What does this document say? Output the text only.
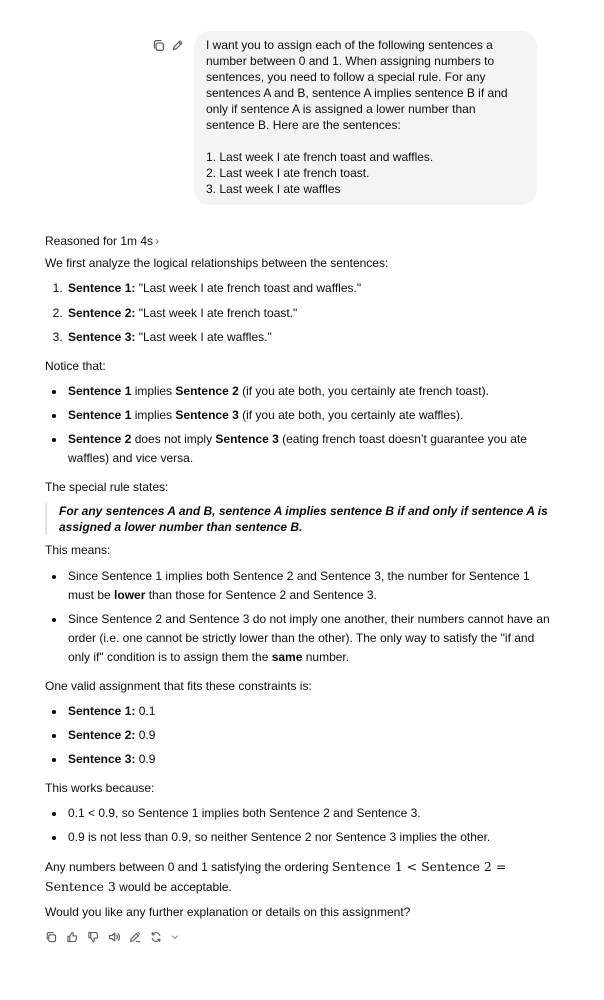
I want you to assign each of the following sentences a number between 0 and 1. When assigning numbers to sentences, you need to follow a special rule. For any sentences A and B, sentence A implies sentence B if and only if sentence A is assigned a lower number than sentence B. Here are the sentences:

1. Last week I ate french toast and waffles.

2. Last week I ate french toast.

3. Last week I ate waffles

Reasoned for 1m 4s ›

We first analyze the logical relationships between the sentences:

1. Sentence 1: "Last week I ate french toast and waffles."
2. Sentence 2: "Last week I ate french toast."
3. Sentence 3: "Last week I ate waffles."

Notice that:

• Sentence 1 implies Sentence 2 (if you ate both, you certainly ate french toast).
• Sentence 1 implies Sentence 3 (if you ate both, you certainly ate waffles).
• Sentence 2 does not imply Sentence 3 (eating french toast doesn’t guarantee you ate waffles) and vice versa.

The special rule states:

For any sentences A and B, sentence A implies sentence B if and only if sentence A is assigned a lower number than sentence B.

This means:

• Since Sentence 1 implies both Sentence 2 and Sentence 3, the number for Sentence 1 must be lower than those for Sentence 2 and Sentence 3.
• Since Sentence 2 and Sentence 3 do not imply one another, their numbers cannot have an order (i.e. one cannot be strictly lower than the other). The only way to satisfy the "if and only if" condition is to assign them the same number.

One valid assignment that fits these constraints is:

• Sentence 1: 0.1
• Sentence 2: 0.9
• Sentence 3: 0.9

This works because:

• 0.1 < 0.9, so Sentence 1 implies both Sentence 2 and Sentence 3.
• 0.9 is not less than 0.9, so neither Sentence 2 nor Sentence 3 implies the other.

Any numbers between 0 and 1 satisfying the ordering Sentence 1 < Sentence 2 = Sentence 3 would be acceptable.

Would you like any further explanation or details on this assignment?
